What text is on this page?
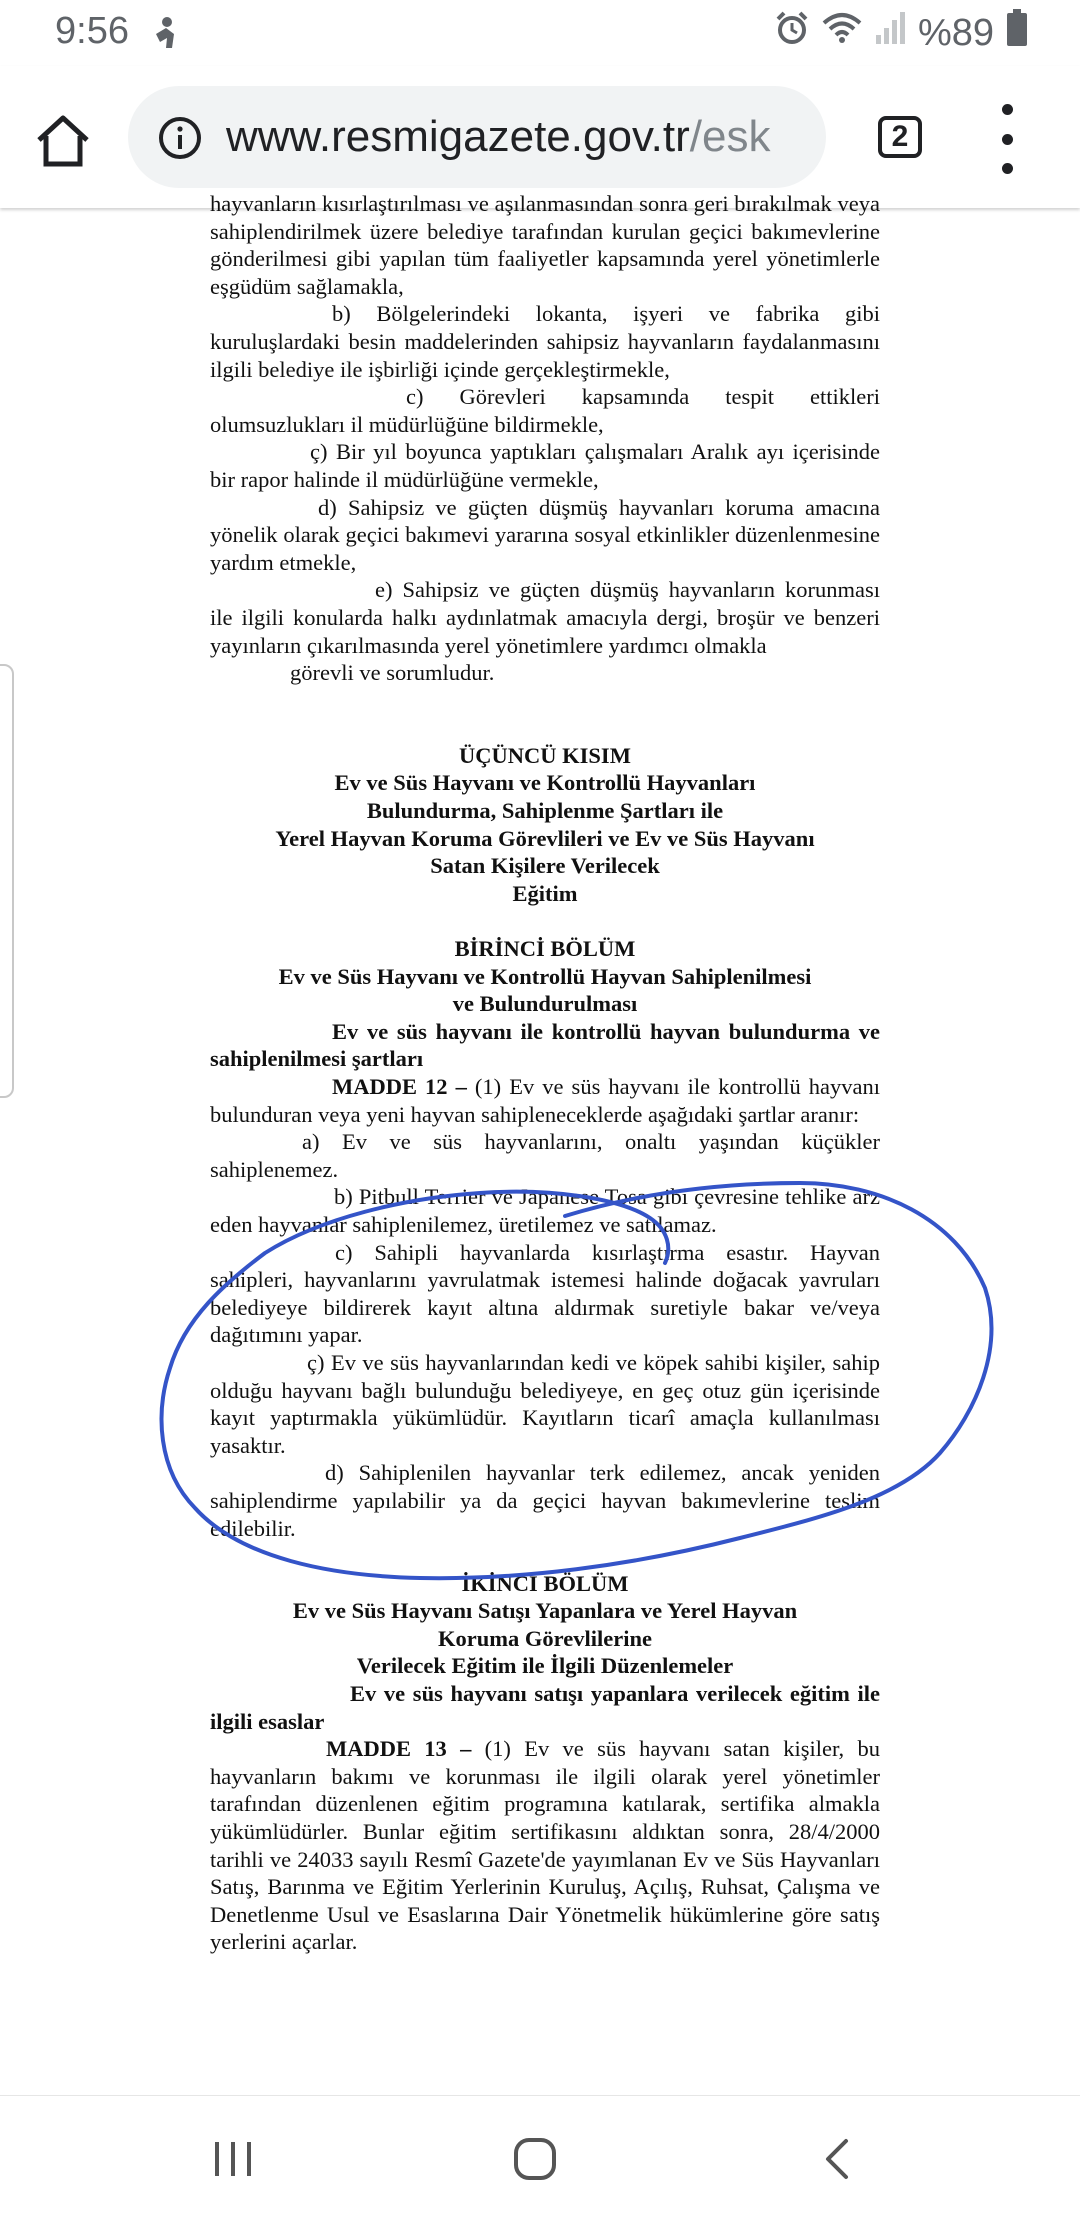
9:56	%89
www.resmigazete.gov.tr/esk	2

hayvanların kısırlaştırılması ve aşılanmasından sonra geri bırakılmak veya sahiplendirilmek üzere belediye tarafından kurulan geçici bakımevlerine gönderilmesi gibi yapılan tüm faaliyetler kapsamında yerel yönetimlerle eşgüdüm sağlamakla,

b) Bölgelerindeki lokanta, işyeri ve fabrika gibi kuruluşlardaki besin maddelerinden sahipsiz hayvanların faydalanmasını ilgili belediye ile işbirliği içinde gerçekleştirmekle,

c) Görevleri kapsamında tespit ettikleri olumsuzlukları il müdürlüğüne bildirmekle,

ç) Bir yıl boyunca yaptıkları çalışmaları Aralık ayı içerisinde bir rapor halinde il müdürlüğüne vermekle,

d) Sahipsiz ve güçten düşmüş hayvanları koruma amacına yönelik olarak geçici bakımevi yararına sosyal etkinlikler düzenlenmesine yardım etmekle,

e) Sahipsiz ve güçten düşmüş hayvanların korunması ile ilgili konularda halkı aydınlatmak amacıyla dergi, broşür ve benzeri yayınların çıkarılmasında yerel yönetimlere yardımcı olmakla

görevli ve sorumludur.

ÜÇÜNCÜ KISIM

Ev ve Süs Hayvanı ve Kontrollü Hayvanları

Bulundurma, Sahiplenme Şartları ile

Yerel Hayvan Koruma Görevlileri ve Ev ve Süs Hayvanı

Satan Kişilere Verilecek

Eğitim

BİRİNCİ BÖLÜM

Ev ve Süs Hayvanı ve Kontrollü Hayvan Sahiplenilmesi

ve Bulundurulması

Ev ve süs hayvanı ile kontrollü hayvan bulundurma ve sahiplenilmesi şartları

MADDE 12 – (1) Ev ve süs hayvanı ile kontrollü hayvanı bulunduran veya yeni hayvan sahipleneceklerde aşağıdaki şartlar aranır:

a) Ev ve süs hayvanlarını, onaltı yaşından küçükler sahiplenemez.

b) Pitbull Terrier ve Japanese Tosa gibi çevresine tehlike arz eden hayvanlar sahiplenilemez, üretilemez ve satılamaz.

c) Sahipli hayvanlarda kısırlaştırma esastır. Hayvan sahipleri, hayvanlarını yavrulatmak istemesi halinde doğacak yavruları belediyeye bildirerek kayıt altına aldırmak suretiyle bakar ve/veya dağıtımını yapar.

ç) Ev ve süs hayvanlarından kedi ve köpek sahibi kişiler, sahip olduğu hayvanı bağlı bulunduğu belediyeye, en geç otuz gün içerisinde kayıt yaptırmakla yükümlüdür. Kayıtların ticarî amaçla kullanılması yasaktır.

d) Sahiplenilen hayvanlar terk edilemez, ancak yeniden sahiplendirme yapılabilir ya da geçici hayvan bakımevlerine teslim edilebilir.

İKİNCİ BÖLÜM

Ev ve Süs Hayvanı Satışı Yapanlara ve Yerel Hayvan

Koruma Görevlilerine

Verilecek Eğitim ile İlgili Düzenlemeler

Ev ve süs hayvanı satışı yapanlara verilecek eğitim ile ilgili esaslar

MADDE 13 – (1) Ev ve süs hayvanı satan kişiler, bu hayvanların bakımı ve korunması ile ilgili olarak yerel yönetimler tarafından düzenlenen eğitim programına katılarak, sertifika almakla yükümlüdürler. Bunlar eğitim sertifikasını aldıktan sonra, 28/4/2000 tarihli ve 24033 sayılı Resmî Gazete'de yayımlanan Ev ve Süs Hayvanları Satış, Barınma ve Eğitim Yerlerinin Kuruluş, Açılış, Ruhsat, Çalışma ve Denetlenme Usul ve Esaslarına Dair Yönetmelik hükümlerine göre satış yerlerini açarlar.
